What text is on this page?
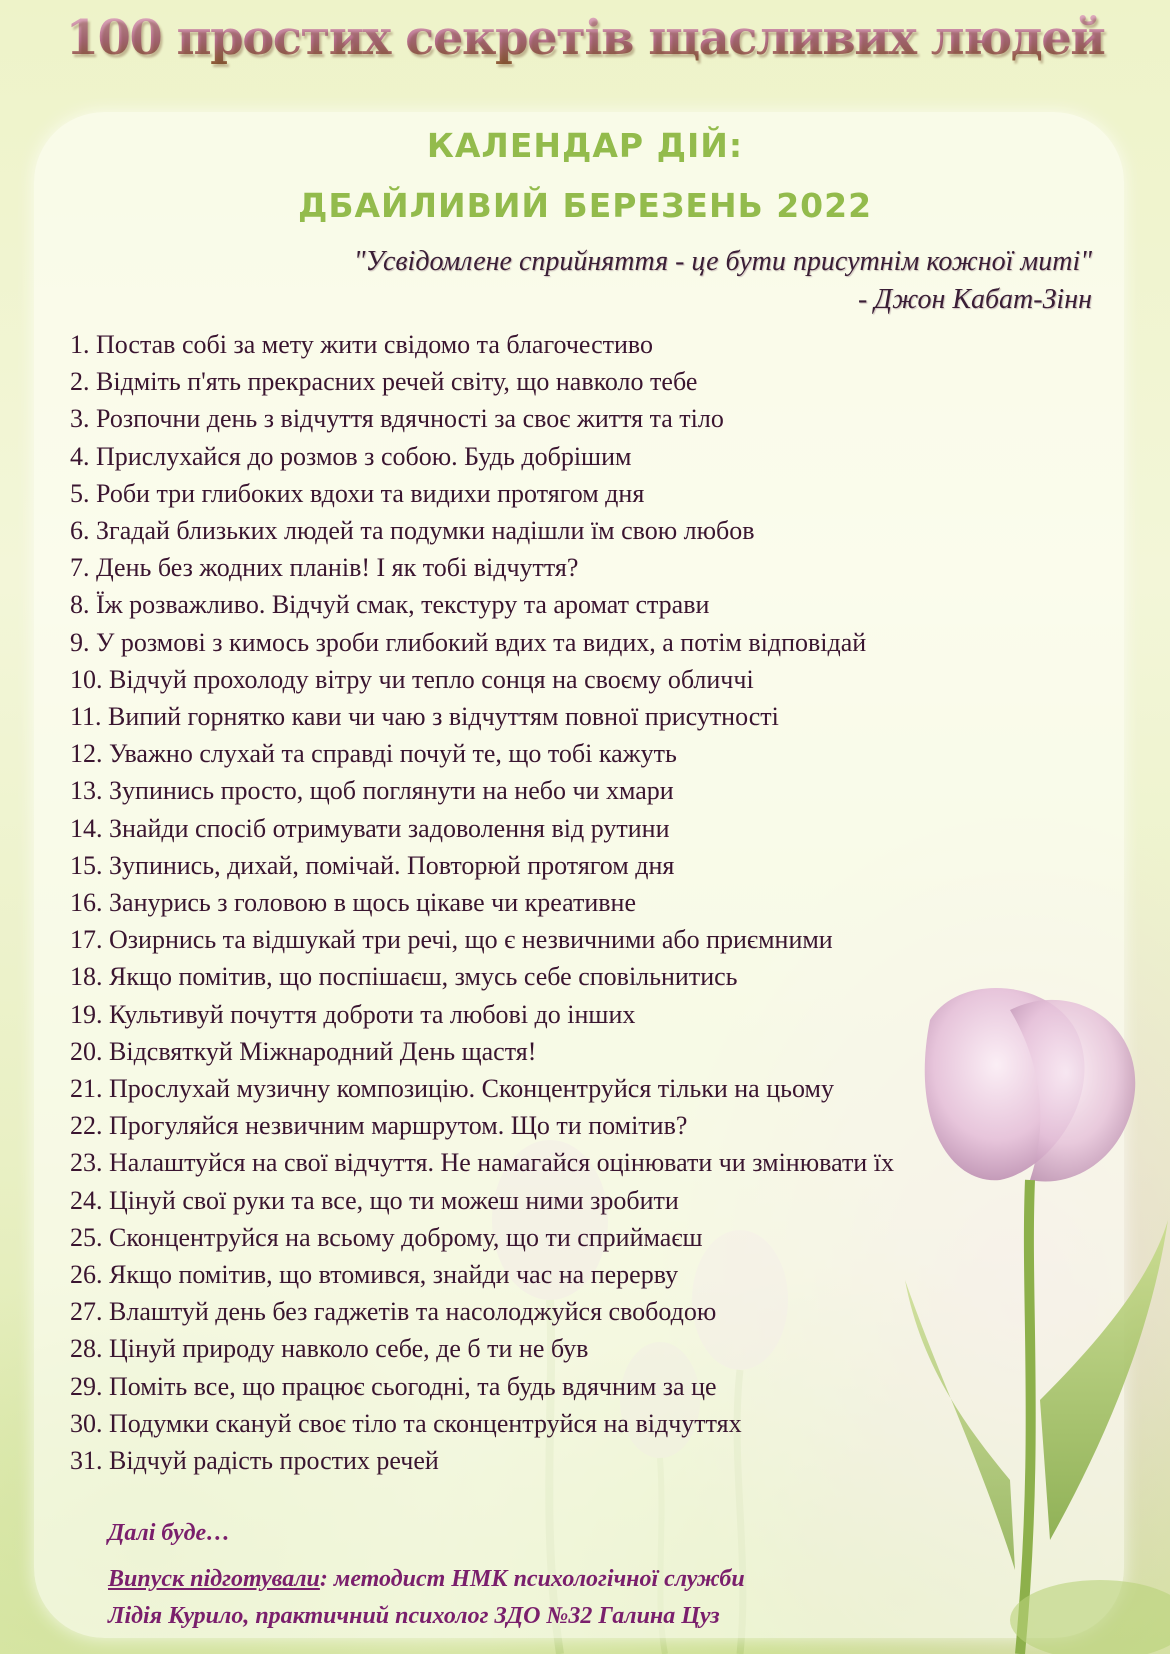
100 простих секретів щасливих людей
КАЛЕНДАР ДІЙ:
ДБАЙЛИВИЙ БЕРЕЗЕНЬ 2022
"Усвідомлене сприйняття - це бути присутнім кожної миті"
- Джон Кабат-Зінн
1. Постав собі за мету жити свідомо та благочестиво
2. Відміть п'ять прекрасних речей світу, що навколо тебе
3. Розпочни день з відчуття вдячності за своє життя та тіло
4. Прислухайся до розмов з собою. Будь добрішим
5. Роби три глибоких вдохи та видихи протягом дня
6. Згадай близьких людей та подумки надішли їм свою любов
7. День без жодних планів! І як тобі відчуття?
8. Їж розважливо. Відчуй смак, текстуру та аромат страви
9. У розмові з кимось зроби глибокий вдих та видих, а потім відповідай
10. Відчуй прохолоду вітру чи тепло сонця на своєму обличчі
11. Випий горнятко кави чи чаю з відчуттям повної присутності
12. Уважно слухай та справді почуй те, що тобі кажуть
13. Зупинись просто, щоб поглянути на небо чи хмари
14. Знайди спосіб отримувати задоволення від рутини
15. Зупинись, дихай, помічай. Повторюй протягом дня
16. Занурись з головою в щось цікаве чи креативне
17. Озирнись та відшукай три речі, що є незвичними або приємними
18. Якщо помітив, що поспішаєш, змусь себе сповільнитись
19. Культивуй почуття доброти та любові до інших
20. Відсвяткуй Міжнародний День щастя!
21. Прослухай музичну композицію. Сконцентруйся тільки на цьому
22. Прогуляйся незвичним маршрутом. Що ти помітив?
23. Налаштуйся на свої відчуття. Не намагайся оцінювати чи змінювати їх
24. Цінуй свої руки та все, що ти можеш ними зробити
25. Сконцентруйся на всьому доброму, що ти сприймаєш
26. Якщо помітив, що втомився, знайди час на перерву
27. Влаштуй день без гаджетів та насолоджуйся свободою
28. Цінуй природу навколо себе, де б ти не був
29. Поміть все, що працює сьогодні, та будь вдячним за це
30. Подумки скануй своє тіло та сконцентруйся на відчуттях
31. Відчуй радість простих речей
Далі буде…
Випуск підготували: методист НМК психологічної служби
Лідія Курило, практичний психолог ЗДО №32 Галина Цуз
